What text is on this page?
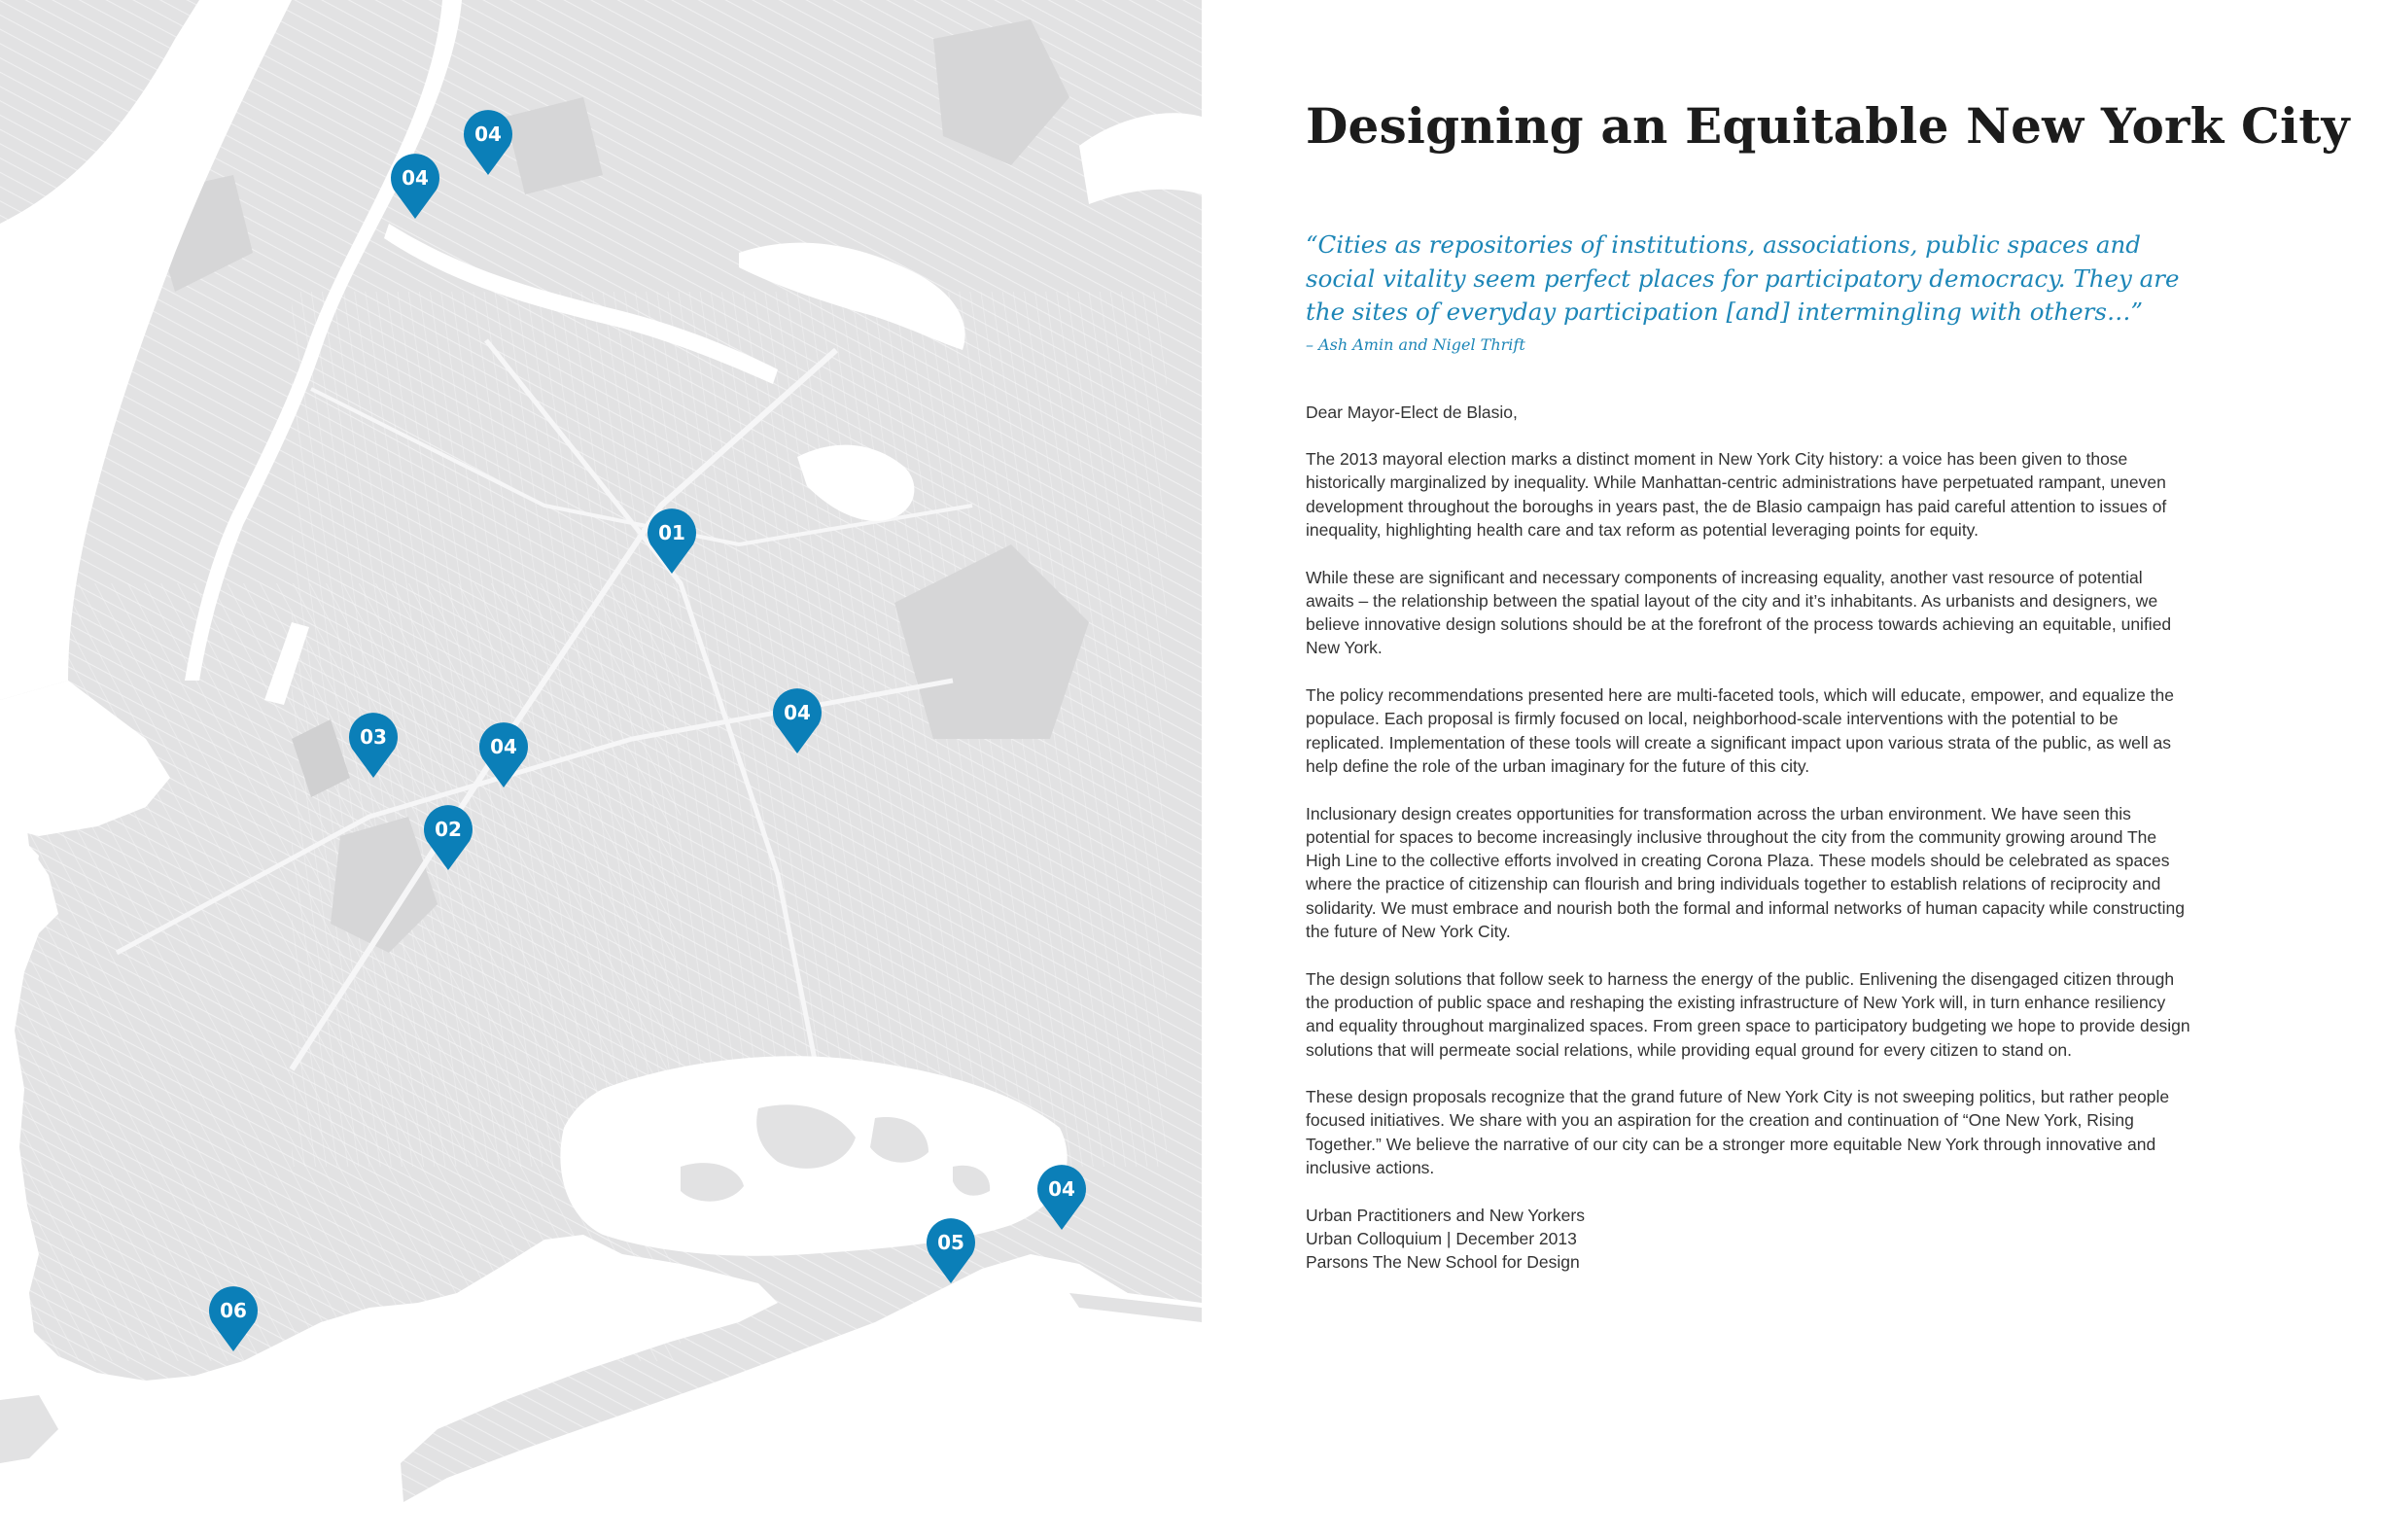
04
04
01
04
03	04
02
04
05
06
Designing an Equitable New York City
“Cities as repositories of institutions, associations, public spaces and social vitality seem perfect places for participatory democracy. They are the sites of everyday participation [and] intermingling with others…”
– Ash Amin and Nigel Thrift

Dear Mayor-Elect de Blasio,

The 2013 mayoral election marks a distinct moment in New York City history: a voice has been given to those historically marginalized by inequality. While Manhattan-centric administrations have perpetuated rampant, uneven development throughout the boroughs in years past, the de Blasio campaign has paid careful attention to issues of inequality, highlighting health care and tax reform as potential leveraging points for equity.

While these are significant and necessary components of increasing equality, another vast resource of potential awaits – the relationship between the spatial layout of the city and it’s inhabitants. As urbanists and designers, we believe innovative design solutions should be at the forefront of the process towards achieving an equitable, unified New York.

The policy recommendations presented here are multi-faceted tools, which will educate, empower, and equalize the populace. Each proposal is firmly focused on local, neighborhood-scale interventions with the potential to be replicated. Implementation of these tools will create a significant impact upon various strata of the public, as well as help define the role of the urban imaginary for the future of this city.

Inclusionary design creates opportunities for transformation across the urban environment. We have seen this potential for spaces to become increasingly inclusive throughout the city from the community growing around The High Line to the collective efforts involved in creating Corona Plaza. These models should be celebrated as spaces where the practice of citizenship can flourish and bring individuals together to establish relations of reciprocity and solidarity. We must embrace and nourish both the formal and informal networks of human capacity while constructing the future of New York City.

The design solutions that follow seek to harness the energy of the public. Enlivening the disengaged citizen through the production of public space and reshaping the existing infrastructure of New York will, in turn enhance resiliency and equality throughout marginalized spaces. From green space to participatory budgeting we hope to provide design solutions that will permeate social relations, while providing equal ground for every citizen to stand on.

These design proposals recognize that the grand future of New York City is not sweeping politics, but rather people focused initiatives. We share with you an aspiration for the creation and continuation of “One New York, Rising Together.” We believe the narrative of our city can be a stronger more equitable New York through innovative and inclusive actions.

Urban Practitioners and New Yorkers
Urban Colloquium | December 2013
Parsons The New School for Design
